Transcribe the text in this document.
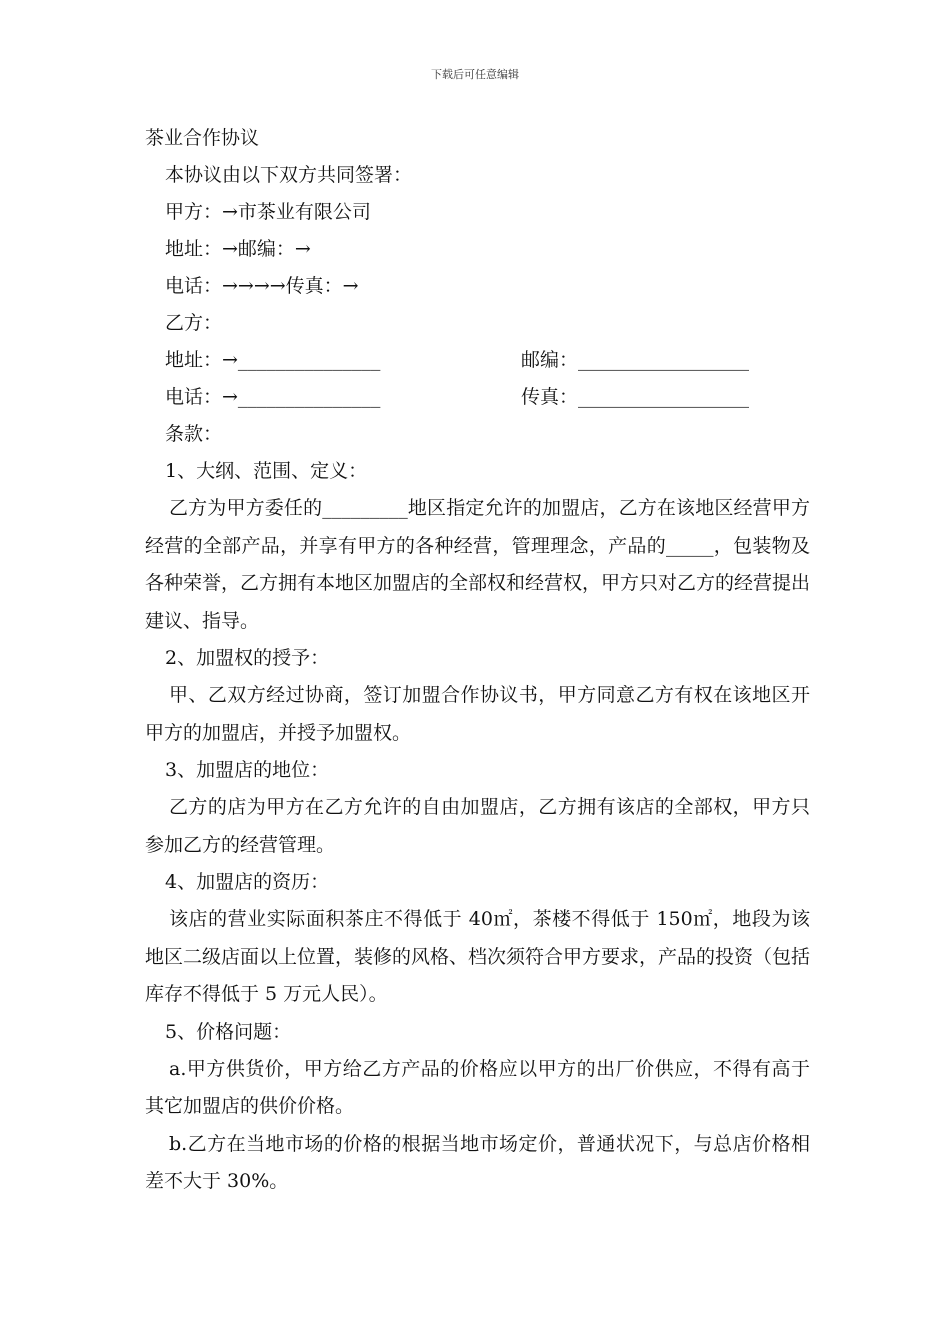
下载后可任意编辑
茶业合作协议
本协议由以下双方共同签署：
甲方：→市茶业有限公司
地址：→邮编：→
电话：→→→→传真：→
乙方：
地址：→_______________	邮编：__________________
电话：→_______________	传真：__________________
条款：
1、大纲、范围、定义：
乙方为甲方委任的_________地区指定允许的加盟店，乙方在该地区经营甲方经营的全部产品，并享有甲方的各种经营，管理理念，产品的_____，包装物及各种荣誉，乙方拥有本地区加盟店的全部权和经营权，甲方只对乙方的经营提出建议、指导。
2、加盟权的授予：
甲、乙双方经过协商，签订加盟合作协议书，甲方同意乙方有权在该地区开甲方的加盟店，并授予加盟权。
3、加盟店的地位：
乙方的店为甲方在乙方允许的自由加盟店，乙方拥有该店的全部权，甲方只参加乙方的经营管理。
4、加盟店的资历：
该店的营业实际面积茶庄不得低于 40㎡，茶楼不得低于 150㎡，地段为该地区二级店面以上位置，装修的风格、档次须符合甲方要求，产品的投资（包括库存不得低于 5 万元人民）。
5、价格问题：
a.甲方供货价，甲方给乙方产品的价格应以甲方的出厂价供应，不得有高于其它加盟店的供价价格。
b.乙方在当地市场的价格的根据当地市场定价，普通状况下，与总店价格相差不大于 30%。
